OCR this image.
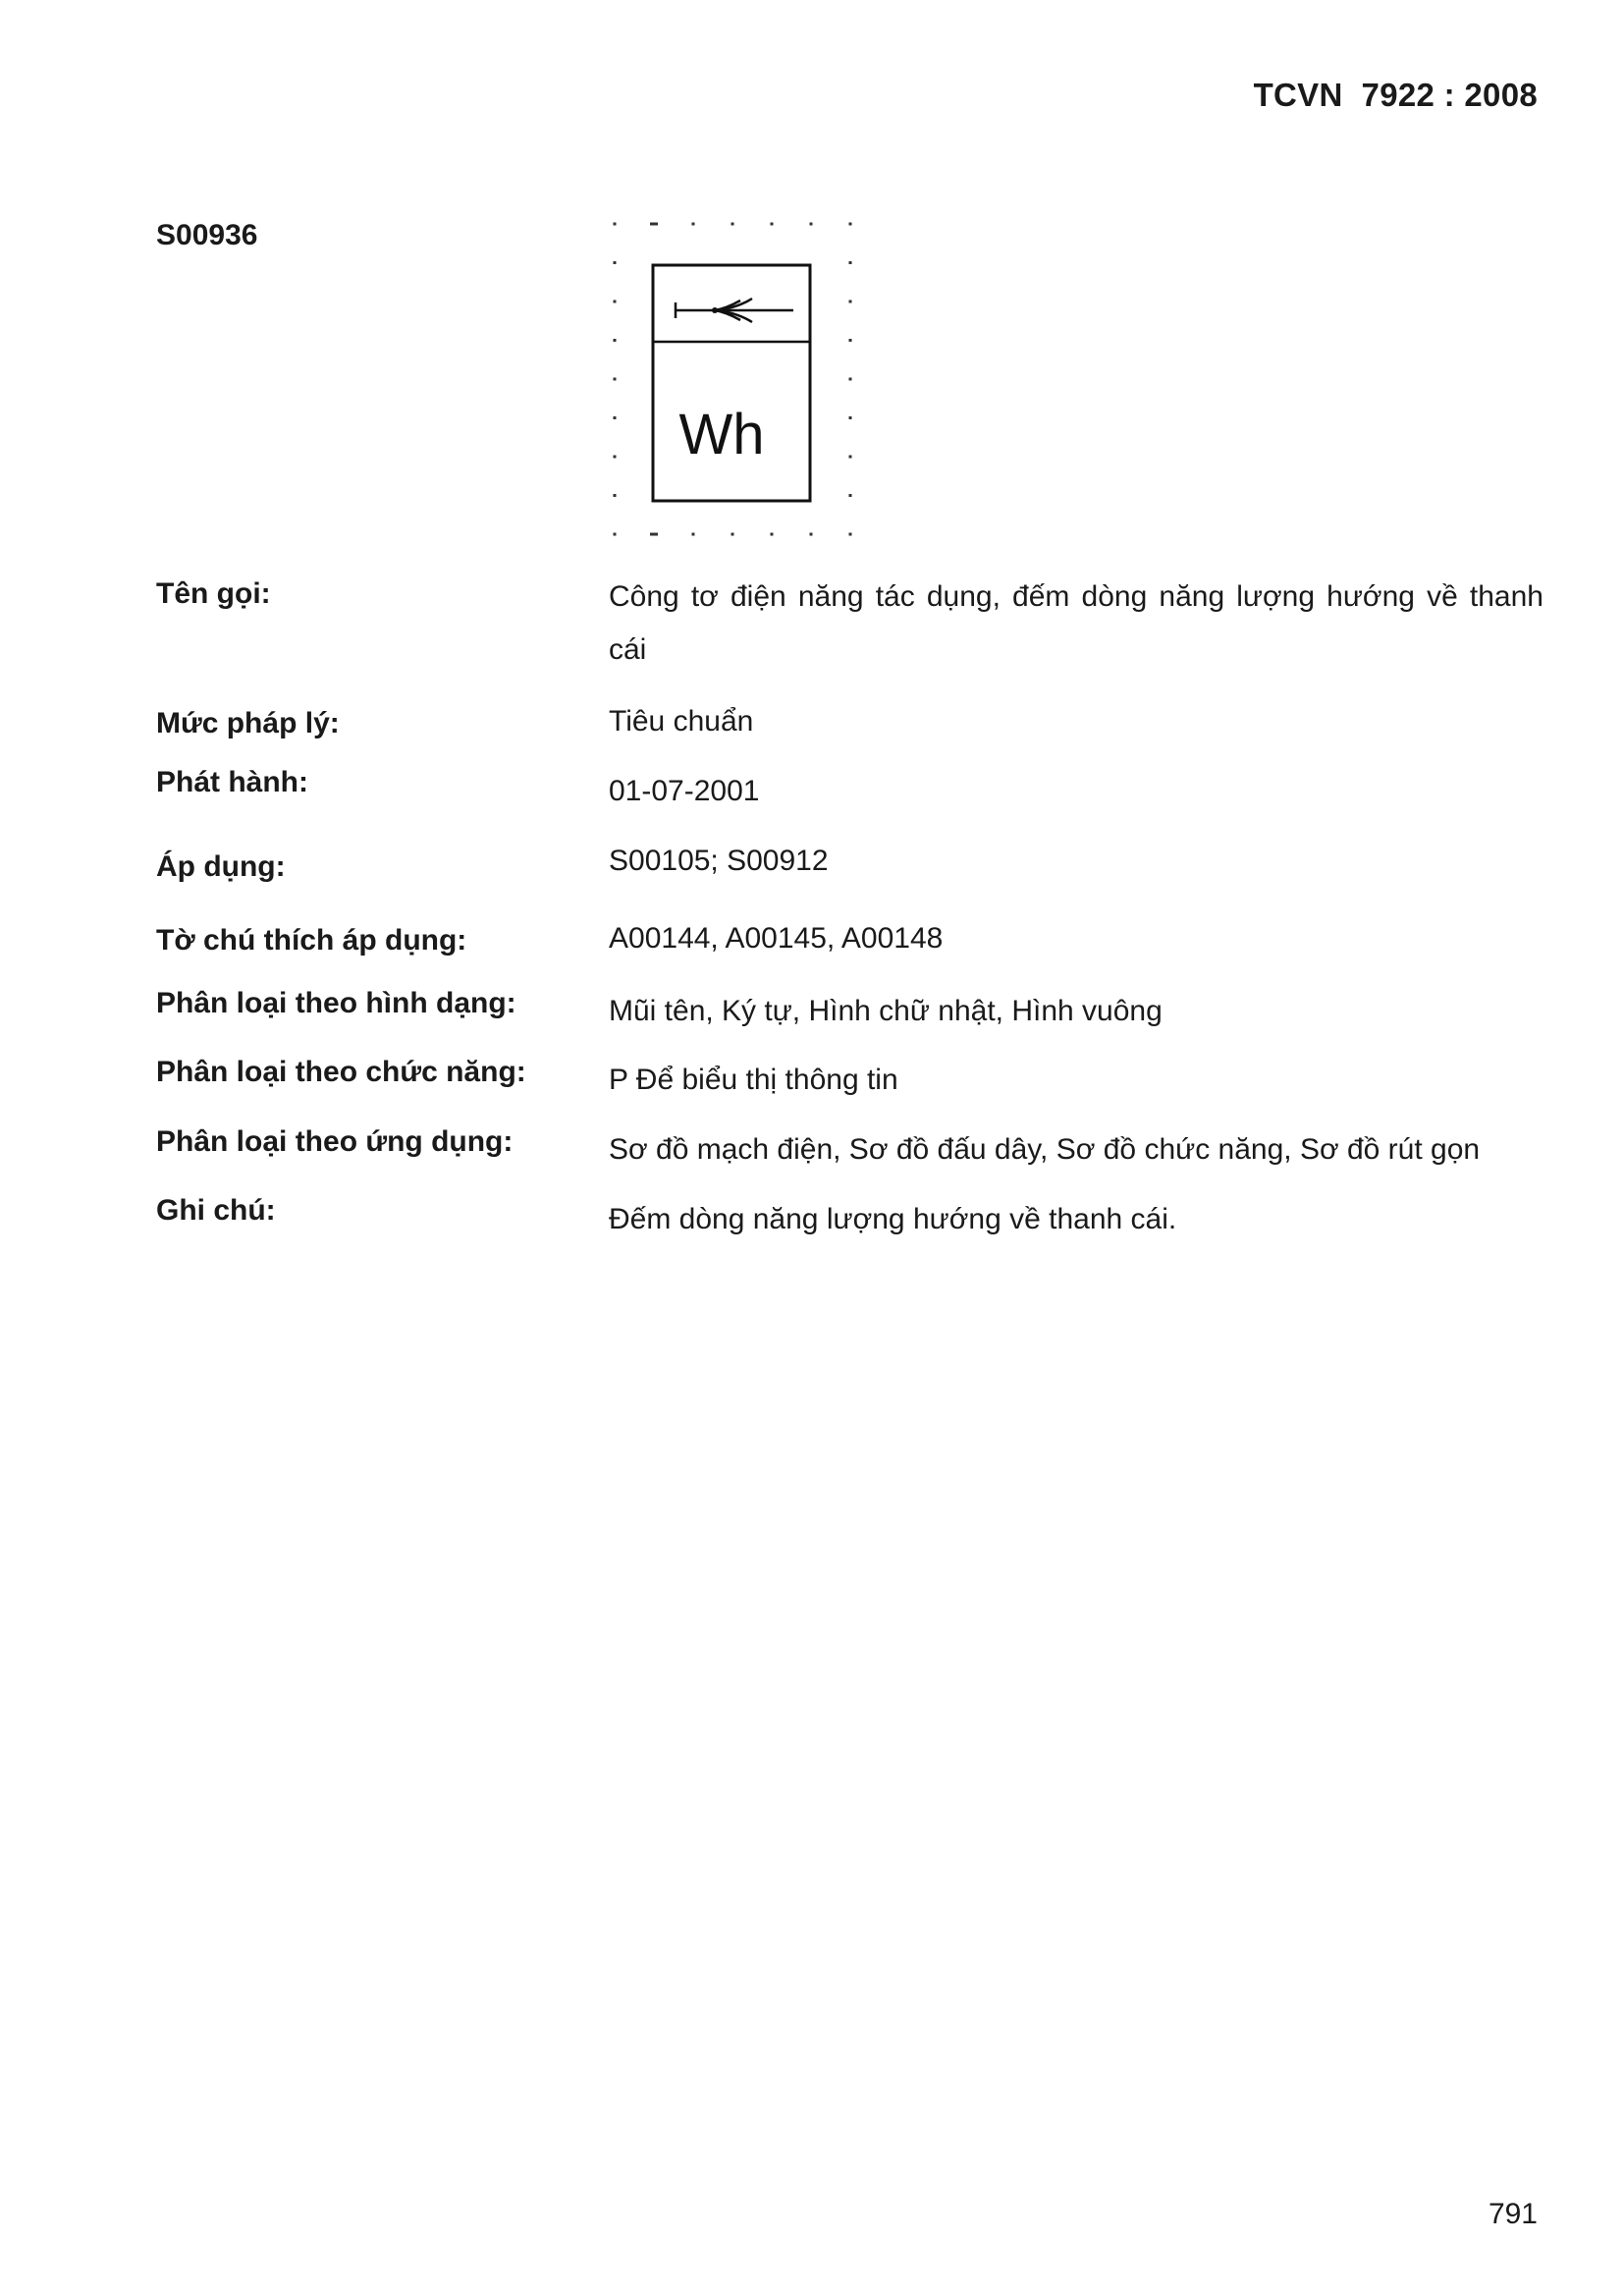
TCVN  7922 : 2008
S00936
Wh
Tên gọi:	Công tơ điện năng tác dụng, đếm dòng năng lượng hướng về thanh cái
Mức pháp lý:	Tiêu chuẩn
Phát hành:	01-07-2001
Áp dụng:	S00105; S00912
Tờ chú thích áp dụng:	A00144, A00145, A00148
Phân loại theo hình dạng:	Mũi tên, Ký tự, Hình chữ nhật, Hình vuông
Phân loại theo chức năng:	P Để biểu thị thông tin
Phân loại theo ứng dụng:	Sơ đồ mạch điện, Sơ đồ đấu dây, Sơ đồ chức năng, Sơ đồ rút gọn
Ghi chú:	Đếm dòng năng lượng hướng về thanh cái.
791
